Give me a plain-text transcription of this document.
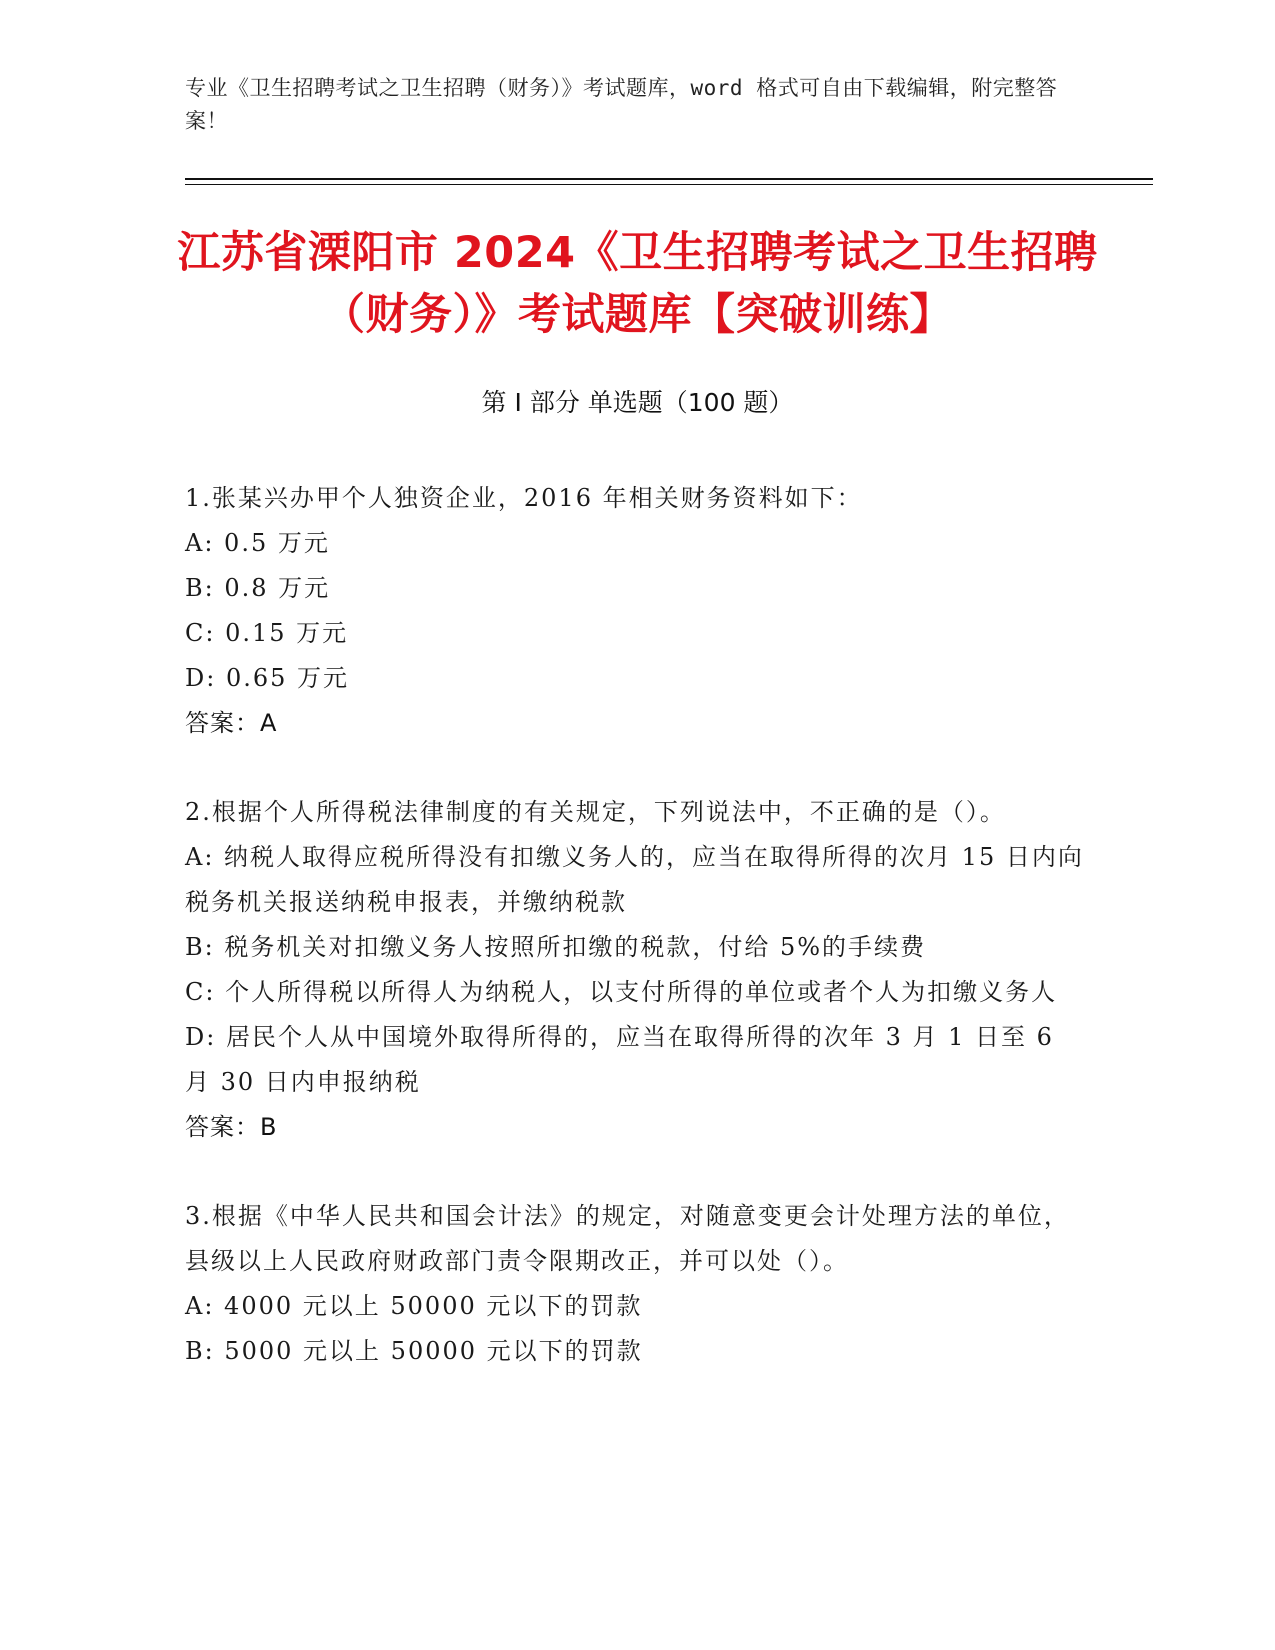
专业《卫生招聘考试之卫生招聘（财务）》考试题库，word 格式可自由下载编辑，附完整答案！
江苏省溧阳市 2024《卫生招聘考试之卫生招聘（财务）》考试题库【突破训练】
第 I 部分 单选题（100 题）

1.张某兴办甲个人独资企业，2016 年相关财务资料如下：

A: 0.5 万元

B: 0.8 万元

C: 0.15 万元

D: 0.65 万元

答案：A

2.根据个人所得税法律制度的有关规定，下列说法中，不正确的是（）。

A: 纳税人取得应税所得没有扣缴义务人的，应当在取得所得的次月 15 日内向税务机关报送纳税申报表，并缴纳税款

B: 税务机关对扣缴义务人按照所扣缴的税款，付给 5%的手续费

C: 个人所得税以所得人为纳税人，以支付所得的单位或者个人为扣缴义务人

D: 居民个人从中国境外取得所得的，应当在取得所得的次年 3 月 1 日至 6 月 30 日内申报纳税

答案：B

3.根据《中华人民共和国会计法》的规定，对随意变更会计处理方法的单位，县级以上人民政府财政部门责令限期改正，并可以处（）。

A: 4000 元以上 50000 元以下的罚款

B: 5000 元以上 50000 元以下的罚款
